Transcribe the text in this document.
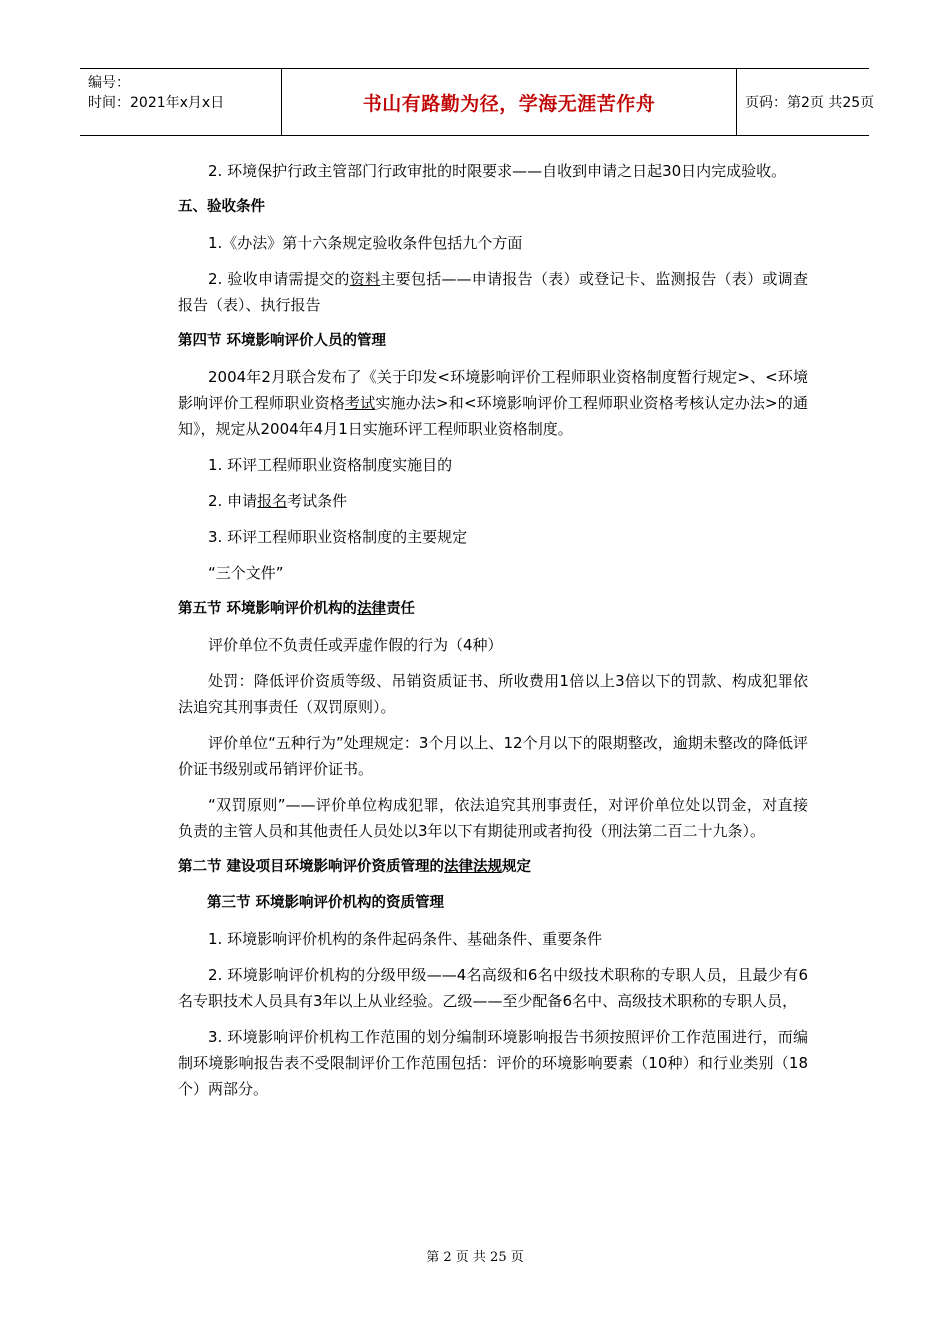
编号：
时间：2021年x月x日	书山有路勤为径，学海无涯苦作舟	页码：第2页 共25页

2. 环境保护行政主管部门行政审批的时限要求——自收到申请之日起30日内完成验收。

五、验收条件

1.《办法》第十六条规定验收条件包括九个方面

2. 验收申请需提交的资料主要包括——申请报告（表）或登记卡、监测报告（表）或调查报告（表）、执行报告

第四节 环境影响评价人员的管理

2004年2月联合发布了《关于印发<环境影响评价工程师职业资格制度暂行规定>、<环境影响评价工程师职业资格考试实施办法>和<环境影响评价工程师职业资格考核认定办法>的通知》，规定从2004年4月1日实施环评工程师职业资格制度。

1. 环评工程师职业资格制度实施目的

2. 申请报名考试条件

3. 环评工程师职业资格制度的主要规定

“三个文件”

第五节 环境影响评价机构的法律责任

评价单位不负责任或弄虚作假的行为（4种）

处罚：降低评价资质等级、吊销资质证书、所收费用1倍以上3倍以下的罚款、构成犯罪依法追究其刑事责任（双罚原则）。

评价单位“五种行为”处理规定：3个月以上、12个月以下的限期整改，逾期未整改的降低评价证书级别或吊销评价证书。

“双罚原则”——评价单位构成犯罪，依法追究其刑事责任，对评价单位处以罚金，对直接负责的主管人员和其他责任人员处以3年以下有期徒刑或者拘役（刑法第二百二十九条）。

第二节 建设项目环境影响评价资质管理的法律法规规定

第三节 环境影响评价机构的资质管理

1. 环境影响评价机构的条件起码条件、基础条件、重要条件

2. 环境影响评价机构的分级甲级——4名高级和6名中级技术职称的专职人员，且最少有6名专职技术人员具有3年以上从业经验。乙级——至少配备6名中、高级技术职称的专职人员，

3. 环境影响评价机构工作范围的划分编制环境影响报告书须按照评价工作范围进行，而编制环境影响报告表不受限制评价工作范围包括：评价的环境影响要素（10种）和行业类别（18个）两部分。

第 2 页 共 25 页
